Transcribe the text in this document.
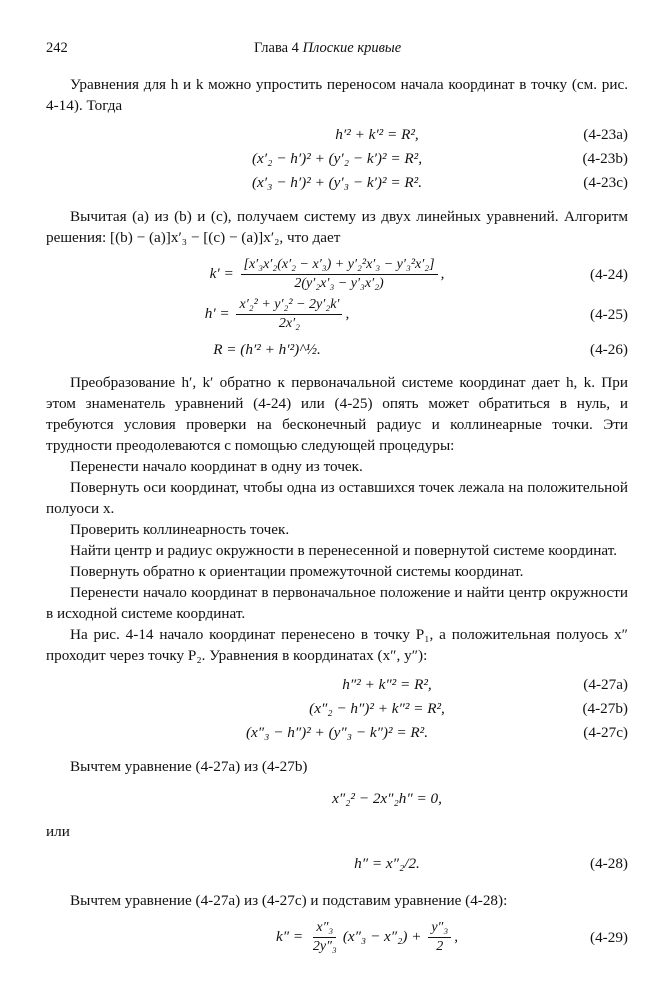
242	Глава 4 Плоские кривые

Уравнения для h и k можно упростить переносом начала координат в точку (см. рис. 4-14). Тогда

h′² + k′² = R²,	(4-23a)
(x′₂ − h′)² + (y′₂ − k′)² = R²,	(4-23b)
(x′₃ − h′)² + (y′₃ − k′)² = R².	(4-23c)

Вычитая (a) из (b) и (c), получаем систему из двух линейных уравнений. Алгоритм решения: [(b) − (a)]x′₃ − [(c) − (a)]x′₂, что дает

$k' = \frac{\text{[x′₃x′₂(x′₂ − x′₃) + y′₂²x′₃ − y′₃²x′₂]}}{\text{2(y′₂x′₃ − y′₃x′₂)}}$ ,	(4-24)
$h' = \frac{\text{x′₂² + y′₂² − 2y′₂k′}}{\text{2x′₂}}$ ,	(4-25)
R = (h′² + h′²)^½.	(4-26)

Преобразование h′, k′ обратно к первоначальной системе координат дает h, k. При этом знаменатель уравнений (4-24) или (4-25) опять может обратиться в нуль, и требуются условия проверки на бесконечный радиус и коллинеарные точки. Эти трудности преодолеваются с помощью следующей процедуры:

Перенести начало координат в одну из точек.

Повернуть оси координат, чтобы одна из оставшихся точек лежала на положительной полуоси x.

Проверить коллинеарность точек.

Найти центр и радиус окружности в перенесенной и повернутой системе координат.

Повернуть обратно к ориентации промежуточной системы координат.

Перенести начало координат в первоначальное положение и найти центр окружности в исходной системе координат.

На рис. 4-14 начало координат перенесено в точку P₁, а положительная полуось x″ проходит через точку P₂. Уравнения в координатах (x″, y″):

h″² + k″² = R²,	(4-27a)
(x″₂ − h″)² + k″² = R²,	(4-27b)
(x″₃ − h″)² + (y″₃ − k″)² = R².	(4-27c)

Вычтем уравнение (4-27a) из (4-27b)

x″₂² − 2x″₂h″ = 0,

или

h″ = x″₂/2.	(4-28)

Вычтем уравнение (4-27a) из (4-27c) и подставим уравнение (4-28):

$k'' = \frac{\text{x″₃}}{\text{2y″₃}} (x''_3 - x''_2) + \frac{\text{y″₃}}{2}$ ,	(4-29)
